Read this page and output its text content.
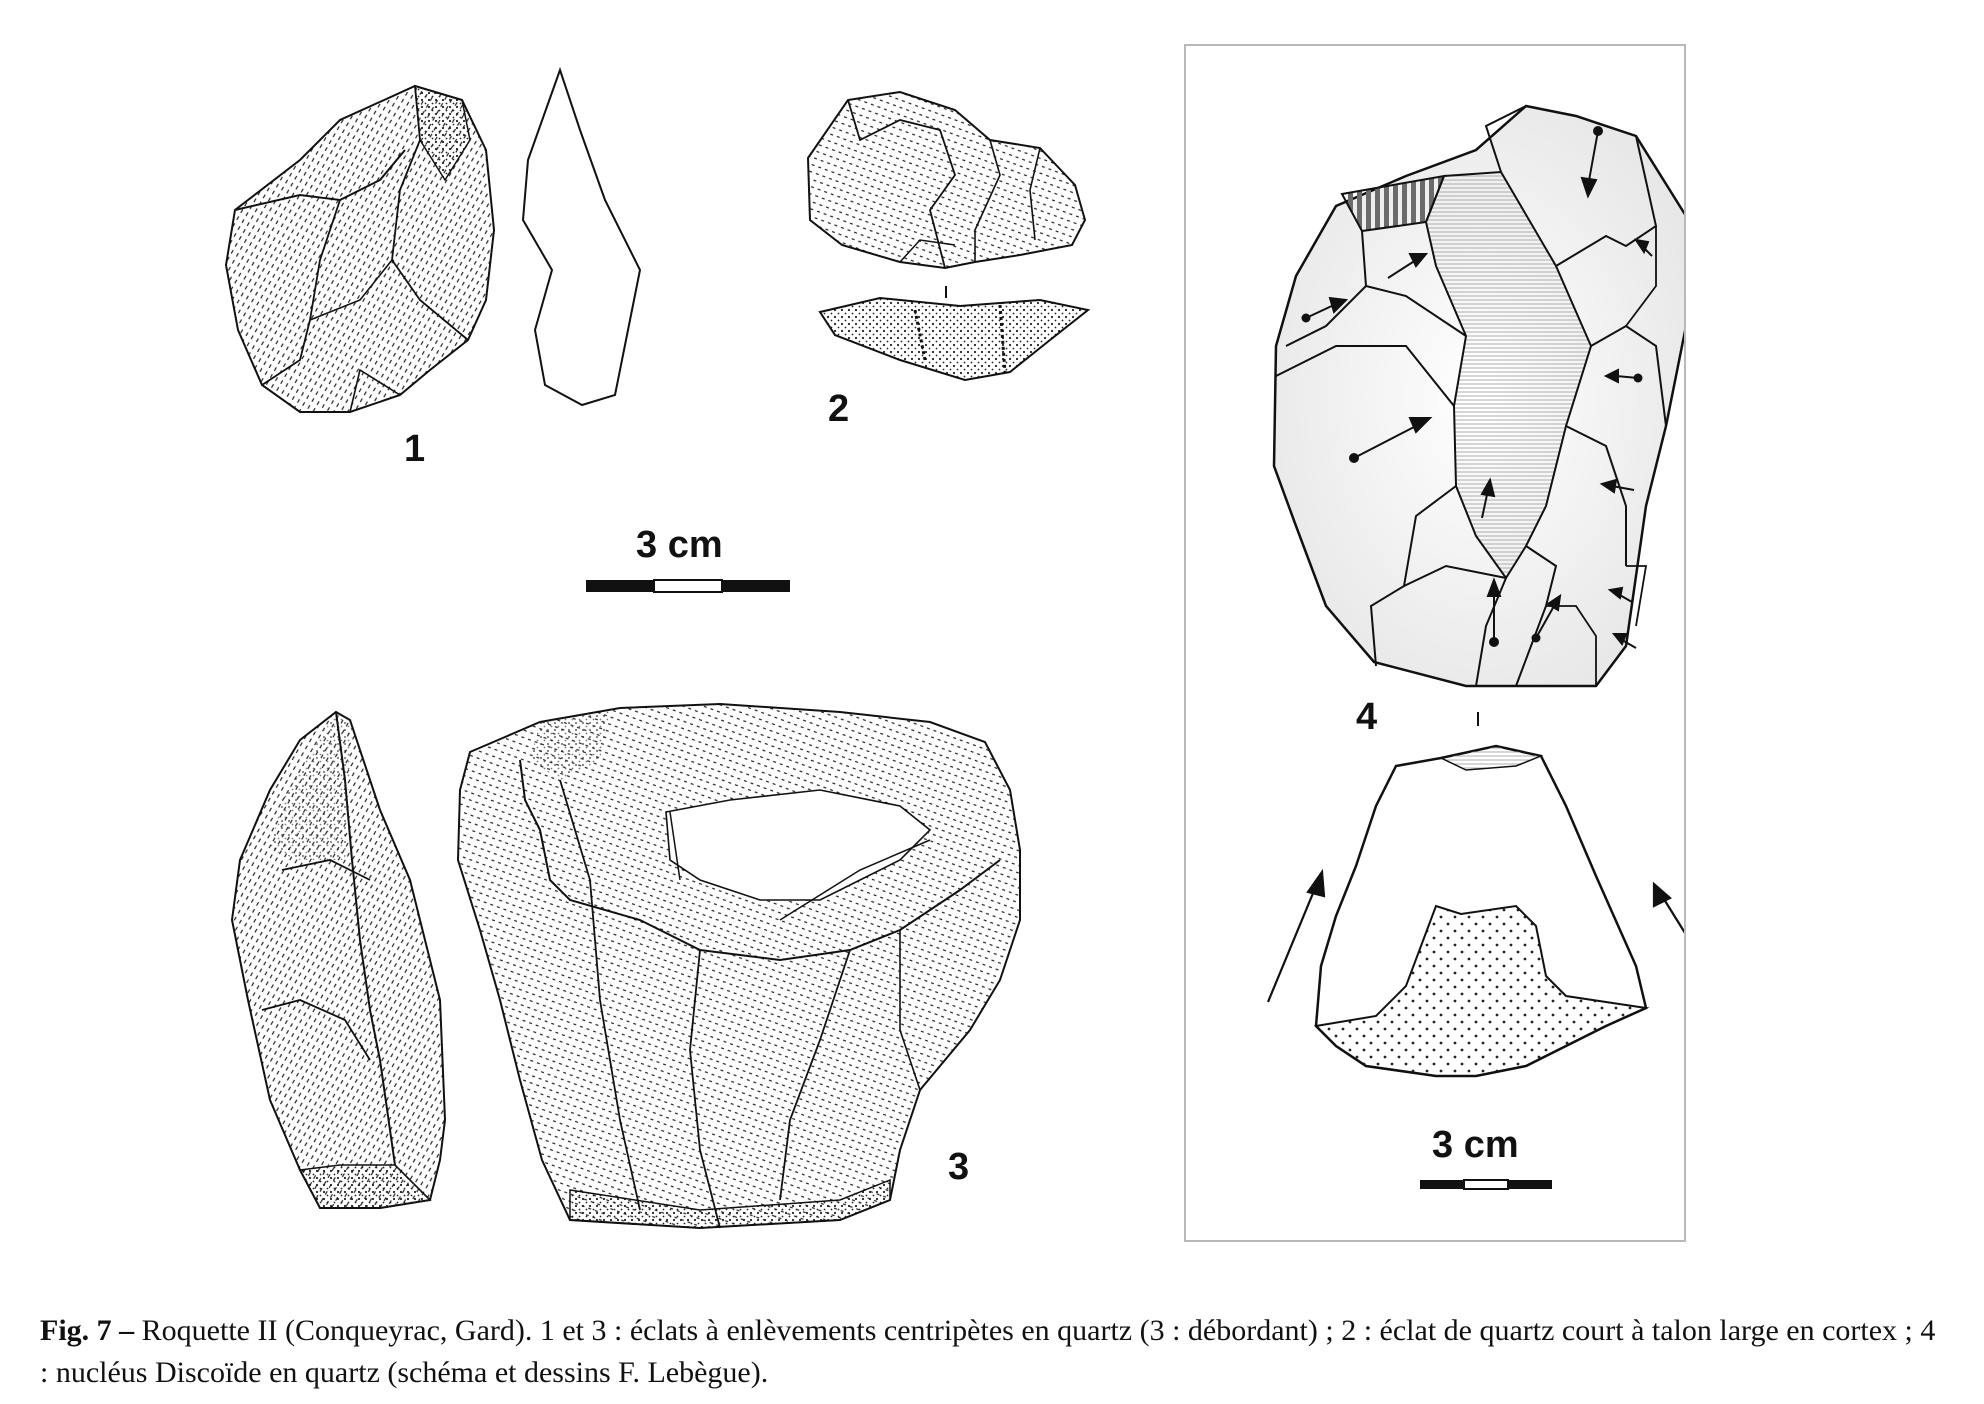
1
2
3
3 cm
4
3 cm
Fig. 7 – Roquette II (Conqueyrac, Gard). 1 et 3 : éclats à enlèvements centripètes en quartz (3 : débordant) ; 2 : éclat de quartz court à talon large en cortex ; 4 : nucléus Discoïde en quartz (schéma et dessins F. Lebègue).
